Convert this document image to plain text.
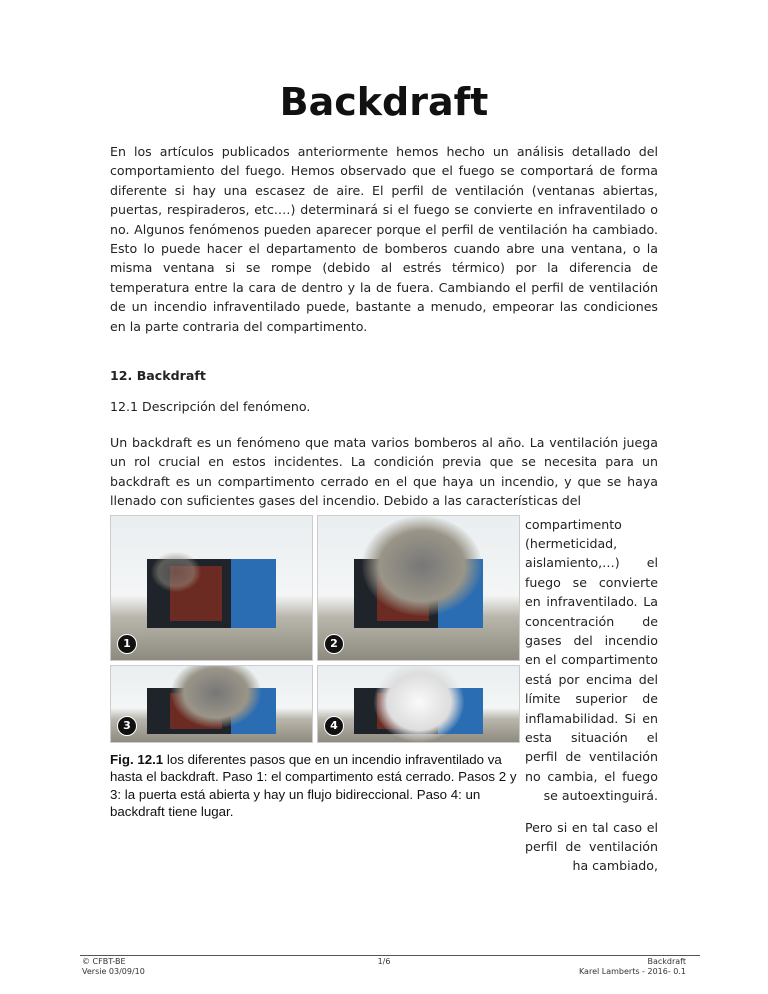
Backdraft

En los artículos publicados anteriormente hemos hecho un análisis detallado del comportamiento del fuego. Hemos observado que el fuego se comportará de forma diferente si hay una escasez de aire. El perfil de ventilación (ventanas abiertas, puertas, respiraderos, etc.…) determinará si el fuego se convierte en infraventilado o no. Algunos fenómenos pueden aparecer porque el perfil de ventilación ha cambiado. Esto lo puede hacer el departamento de bomberos cuando abre una ventana, o la misma ventana si se rompe (debido al estrés térmico) por la diferencia de temperatura entre la cara de dentro y la de fuera. Cambiando el perfil de ventilación de un incendio infraventilado puede, bastante a menudo, empeorar las condiciones en la parte contraria del compartimento.

12. Backdraft
12.1 Descripción del fenómeno.

Un backdraft es un fenómeno que mata varios bomberos al año. La ventilación juega un rol crucial en estos incidentes. La condición previa que se necesita para un backdraft es un compartimento cerrado en el que haya un incendio, y que se haya llenado con suficientes gases del incendio. Debido a las características del

1	2
3	4
Fig. 12.1 los diferentes pasos que en un incendio infraventilado va hasta el backdraft. Paso 1: el compartimento está cerrado. Pasos 2 y 3: la puerta está abierta y hay un flujo bidireccional. Paso 4: un backdraft tiene lugar.

compartimento (hermeticidad, aislamiento,…) el fuego se convierte en infraventilado. La concentración de gases del incendio en el compartimento está por encima del límite superior de inflamabilidad. Si en esta situación el perfil de ventilación no cambia, el fuego se autoextinguirá.

Pero si en tal caso el perfil de ventilación ha cambiado,

© CFBT-BE
Versie 03/09/10
1/6	Backdraft
Karel Lamberts - 2016- 0.1
